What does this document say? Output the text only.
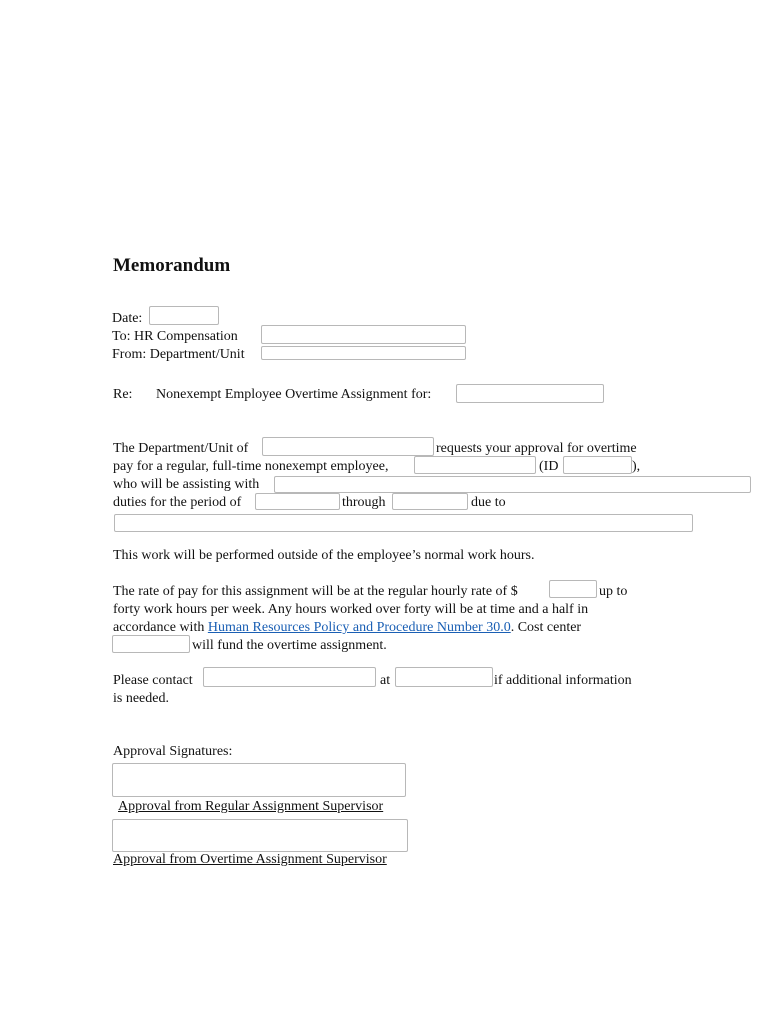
Memorandum
Date:
To: HR Compensation
From: Department/Unit
Re: Nonexempt Employee Overtime Assignment for:
The Department/Unit of	requests your approval for overtime
pay for a regular, full-time nonexempt employee,	(ID	),
who will be assisting with
duties for the period of	through	due to
This work will be performed outside of the employee’s normal work hours.
The rate of pay for this assignment will be at the regular hourly rate of $	up to
forty work hours per week. Any hours worked over forty will be at time and a half in
accordance with Human Resources Policy and Procedure Number 30.0. Cost center
will fund the overtime assignment.
Please contact	at	if additional information
is needed.
Approval Signatures:
Approval from Regular Assignment Supervisor
Approval from Overtime Assignment Supervisor
